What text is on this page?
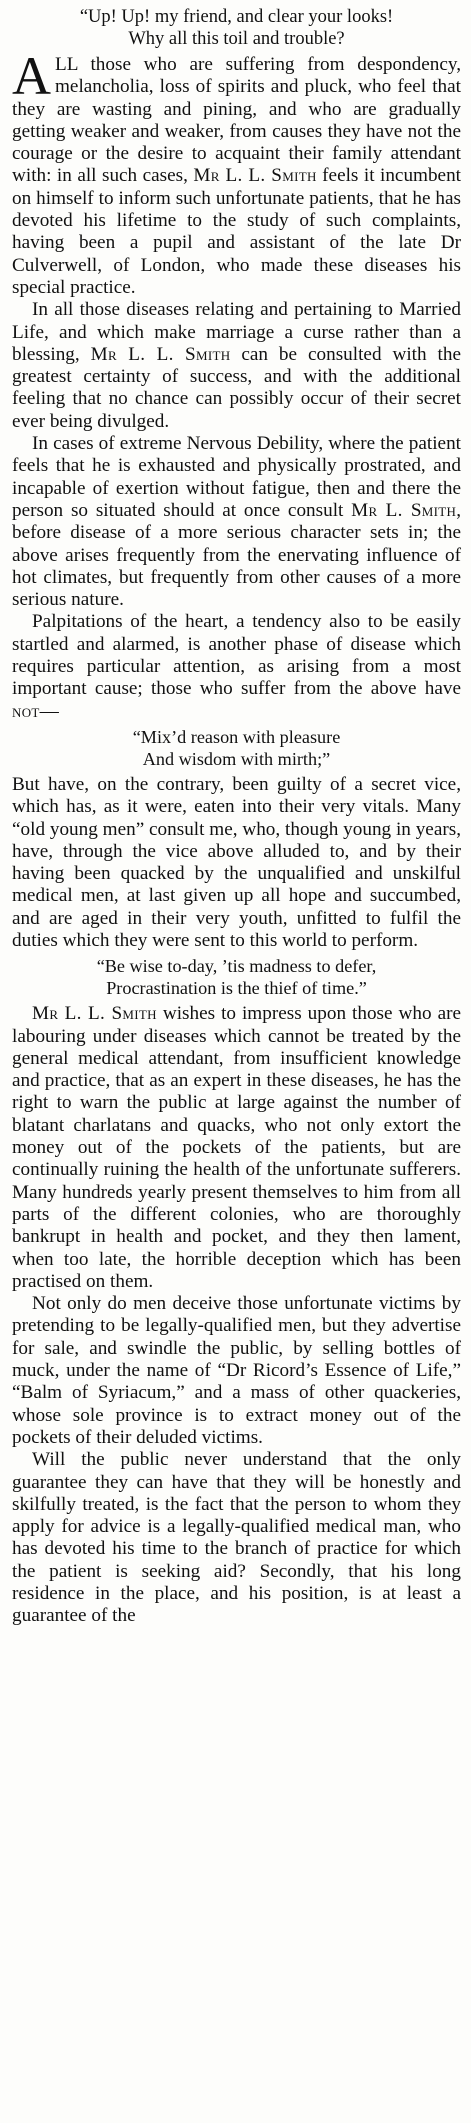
“Up! Up! my friend, and clear your looks!
Why all this toil and trouble?

ALL those who are suffering from despondency, melancholia, loss of spirits and pluck, who feel that they are wasting and pining, and who are gradually getting weaker and weaker, from causes they have not the courage or the desire to acquaint their family attendant with: in all such cases, Mr L. L. Smith feels it incumbent on himself to inform such unfortunate patients, that he has devoted his lifetime to the study of such complaints, having been a pupil and assistant of the late Dr Culverwell, of London, who made these diseases his special practice.

In all those diseases relating and pertaining to Married Life, and which make marriage a curse rather than a blessing, Mr L. L. Smith can be consulted with the greatest certainty of success, and with the additional feeling that no chance can possibly occur of their secret ever being divulged.

In cases of extreme Nervous Debility, where the patient feels that he is exhausted and physically prostrated, and incapable of exertion without fatigue, then and there the person so situated should at once consult Mr L. Smith, before disease of a more serious character sets in; the above arises frequently from the enervating influence of hot climates, but frequently from other causes of a more serious nature.

Palpitations of the heart, a tendency also to be easily startled and alarmed, is another phase of disease which requires particular attention, as arising from a most important cause; those who suffer from the above have not—

“Mix’d reason with pleasure
And wisdom with mirth;”

But have, on the contrary, been guilty of a secret vice, which has, as it were, eaten into their very vitals. Many “old young men” consult me, who, though young in years, have, through the vice above alluded to, and by their having been quacked by the unqualified and unskilful medical men, at last given up all hope and succumbed, and are aged in their very youth, unfitted to fulfil the duties which they were sent to this world to perform.

“Be wise to-day, ’tis madness to defer,
Procrastination is the thief of time.”

Mr L. L. Smith wishes to impress upon those who are labouring under diseases which cannot be treated by the general medical attendant, from insufficient knowledge and practice, that as an expert in these diseases, he has the right to warn the public at large against the number of blatant charlatans and quacks, who not only extort the money out of the pockets of the patients, but are continually ruining the health of the unfortunate sufferers. Many hundreds yearly present themselves to him from all parts of the different colonies, who are thoroughly bankrupt in health and pocket, and they then lament, when too late, the horrible deception which has been practised on them.

Not only do men deceive those unfortunate victims by pretending to be legally-qualified men, but they advertise for sale, and swindle the public, by selling bottles of muck, under the name of “Dr Ricord’s Essence of Life,” “Balm of Syriacum,” and a mass of other quackeries, whose sole province is to extract money out of the pockets of their deluded victims.

Will the public never understand that the only guarantee they can have that they will be honestly and skilfully treated, is the fact that the person to whom they apply for advice is a legally-qualified medical man, who has devoted his time to the branch of practice for which the patient is seeking aid? Secondly, that his long residence in the place, and his position, is at least a guarantee of the
